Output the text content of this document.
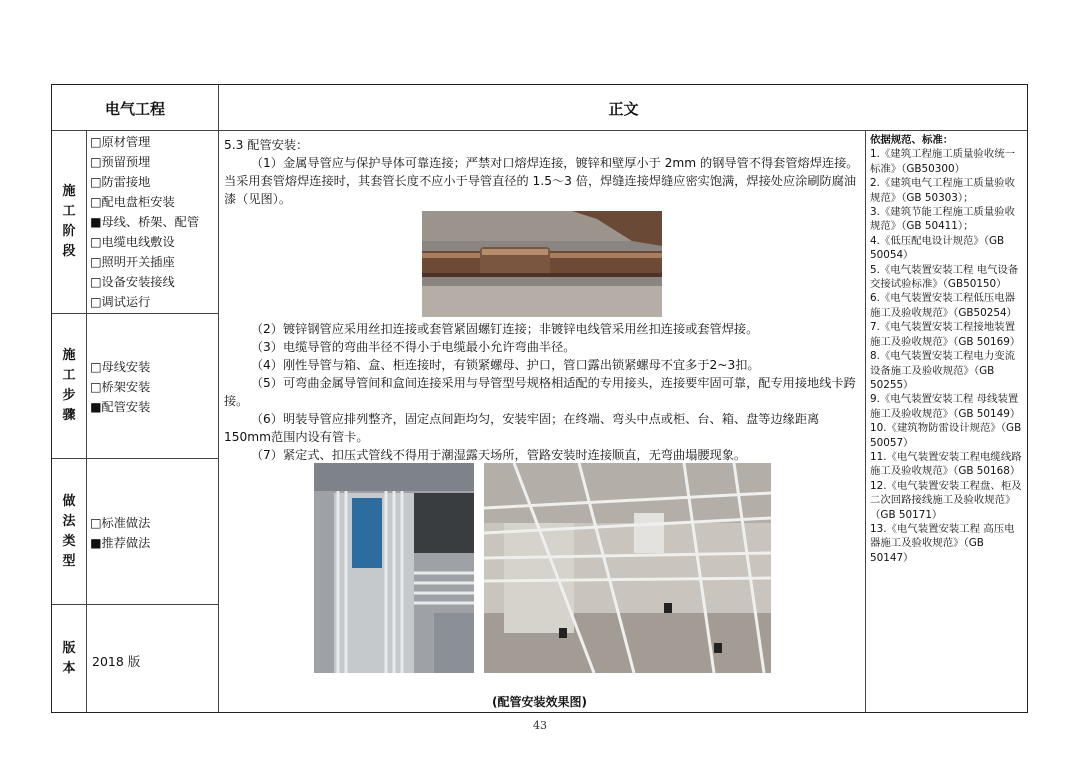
电气工程	正文
施
工
阶
段
施
工
步
骤
做
法
类
型
版
本
□原材管理
□预留预埋
□防雷接地
□配电盘柜安装
■母线、桥架、配管
□电缆电线敷设
□照明开关插座
□设备安装接线
□调试运行
□母线安装
□桥架安装
■配管安装
□标准做法
■推荐做法
2018 版

5.3 配管安装：

（1）金属导管应与保护导体可靠连接；严禁对口熔焊连接，镀锌和壁厚小于 2mm 的钢导管不得套管熔焊连接。当采用套管熔焊连接时，其套管长度不应小于导管直径的 1.5～3 倍，焊缝连接焊缝应密实饱满，焊接处应涂刷防腐油漆（见图）。

（2）镀锌钢管应采用丝扣连接或套管紧固螺钉连接；非镀锌电线管采用丝扣连接或套管焊接。

（3）电缆导管的弯曲半径不得小于电缆最小允许弯曲半径。

（4）刚性导管与箱、盒、柜连接时，有锁紧螺母、护口，管口露出锁紧螺母不宜多于2~3扣。

（5）可弯曲金属导管间和盒间连接采用与导管型号规格相适配的专用接头，连接要牢固可靠，配专用接地线卡跨接。

（6）明装导管应排列整齐，固定点间距均匀，安装牢固；在终端、弯头中点或柜、台、箱、盘等边缘距离150mm范围内设有管卡。

（7）紧定式、扣压式管线不得用于潮湿露天场所，管路安装时连接顺直，无弯曲塌腰现象。

(配管安装效果图)
依据规范、标准：
1.《建筑工程施工质量验收统一标准》（GB50300）
2.《建筑电气工程施工质量验收规范》（GB 50303）；
3.《建筑节能工程施工质量验收规范》（GB 50411）；
4.《低压配电设计规范》（GB 50054）
5.《电气装置安装工程 电气设备交接试验标准》（GB50150）
6.《电气装置安装工程低压电器施工及验收规范》（GB50254）
7.《电气装置安装工程接地装置施工及验收规范》（GB 50169）
8.《电气装置安装工程电力变流设备施工及验收规范》（GB 50255）
9.《电气装置安装工程 母线装置施工及验收规范》（GB 50149）
10.《建筑物防雷设计规范》（GB 50057）
11.《电气装置安装工程电缆线路施工及验收规范》（GB 50168）
12.《电气装置安装工程盘、柜及二次回路接线施工及验收规范》（GB 50171）
13.《电气装置安装工程 高压电器施工及验收规范》（GB 50147）
43
